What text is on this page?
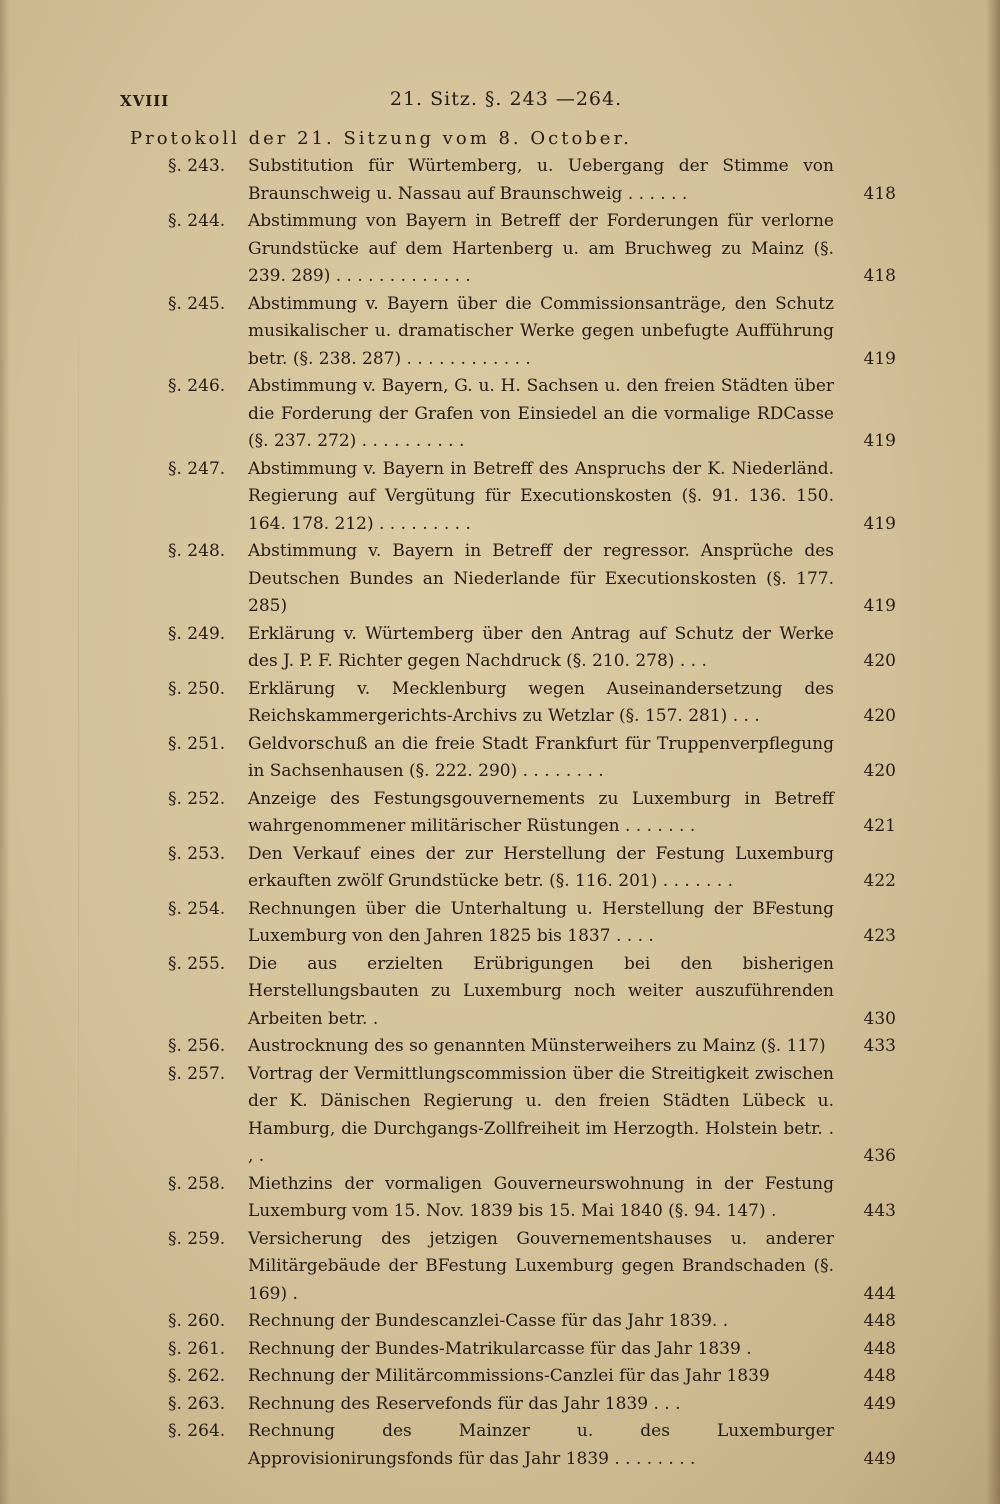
XVIII	21. Sitz. §. 243 —264.
Protokoll der 21. Sitzung vom 8. October.
§. 243.	Substitution für Würtemberg, u. Uebergang der Stimme von Braunschweig u. Nassau auf Braunschweig . . . . . .	418
§. 244.	Abstimmung von Bayern in Betreff der Forderungen für verlorne Grundstücke auf dem Hartenberg u. am Bruchweg zu Mainz (§. 239. 289) . . . . . . . . . . . . .	418
§. 245.	Abstimmung v. Bayern über die Commissionsanträge, den Schutz musikalischer u. dramatischer Werke gegen unbefugte Aufführung betr. (§. 238. 287) . . . . . . . . . . . .	419
§. 246.	Abstimmung v. Bayern, G. u. H. Sachsen u. den freien Städten über die Forderung der Grafen von Einsiedel an die vormalige RDCasse (§. 237. 272) . . . . . . . . . .	419
§. 247.	Abstimmung v. Bayern in Betreff des Anspruchs der K. Niederländ. Regierung auf Vergütung für Executionskosten (§. 91. 136. 150. 164. 178. 212) . . . . . . . . .	419
§. 248.	Abstimmung v. Bayern in Betreff der regressor. Ansprüche des Deutschen Bundes an Niederlande für Executionskosten (§. 177. 285)	419
§. 249.	Erklärung v. Würtemberg über den Antrag auf Schutz der Werke des J. P. F. Richter gegen Nachdruck (§. 210. 278) . . .	420
§. 250.	Erklärung v. Mecklenburg wegen Auseinandersetzung des Reichskammergerichts-Archivs zu Wetzlar (§. 157. 281) . . .	420
§. 251.	Geldvorschuß an die freie Stadt Frankfurt für Truppenverpflegung in Sachsenhausen (§. 222. 290) . . . . . . . .	420
§. 252.	Anzeige des Festungsgouvernements zu Luxemburg in Betreff wahrgenommener militärischer Rüstungen . . . . . . .	421
§. 253.	Den Verkauf eines der zur Herstellung der Festung Luxemburg erkauften zwölf Grundstücke betr. (§. 116. 201) . . . . . . .	422
§. 254.	Rechnungen über die Unterhaltung u. Herstellung der BFestung Luxemburg von den Jahren 1825 bis 1837 . . . .	423
§. 255.	Die aus erzielten Erübrigungen bei den bisherigen Herstellungsbauten zu Luxemburg noch weiter auszuführenden Arbeiten betr. .	430
§. 256.	Austrocknung des so genannten Münsterweihers zu Mainz (§. 117)	433
§. 257.	Vortrag der Vermittlungscommission über die Streitigkeit zwischen der K. Dänischen Regierung u. den freien Städten Lübeck u. Hamburg, die Durchgangs-Zollfreiheit im Herzogth. Holstein betr. . , .	436
§. 258.	Miethzins der vormaligen Gouverneurswohnung in der Festung Luxemburg vom 15. Nov. 1839 bis 15. Mai 1840 (§. 94. 147) .	443
§. 259.	Versicherung des jetzigen Gouvernementshauses u. anderer Militärgebäude der BFestung Luxemburg gegen Brandschaden (§. 169) .	444
§. 260.	Rechnung der Bundescanzlei-Casse für das Jahr 1839. .	448
§. 261.	Rechnung der Bundes-Matrikularcasse für das Jahr 1839 .	448
§. 262.	Rechnung der Militärcommissions-Canzlei für das Jahr 1839	448
§. 263.	Rechnung des Reservefonds für das Jahr 1839 . . .	449
§. 264.	Rechnung des Mainzer u. des Luxemburger Approvisionirungsfonds für das Jahr 1839 . . . . . . . .	449
